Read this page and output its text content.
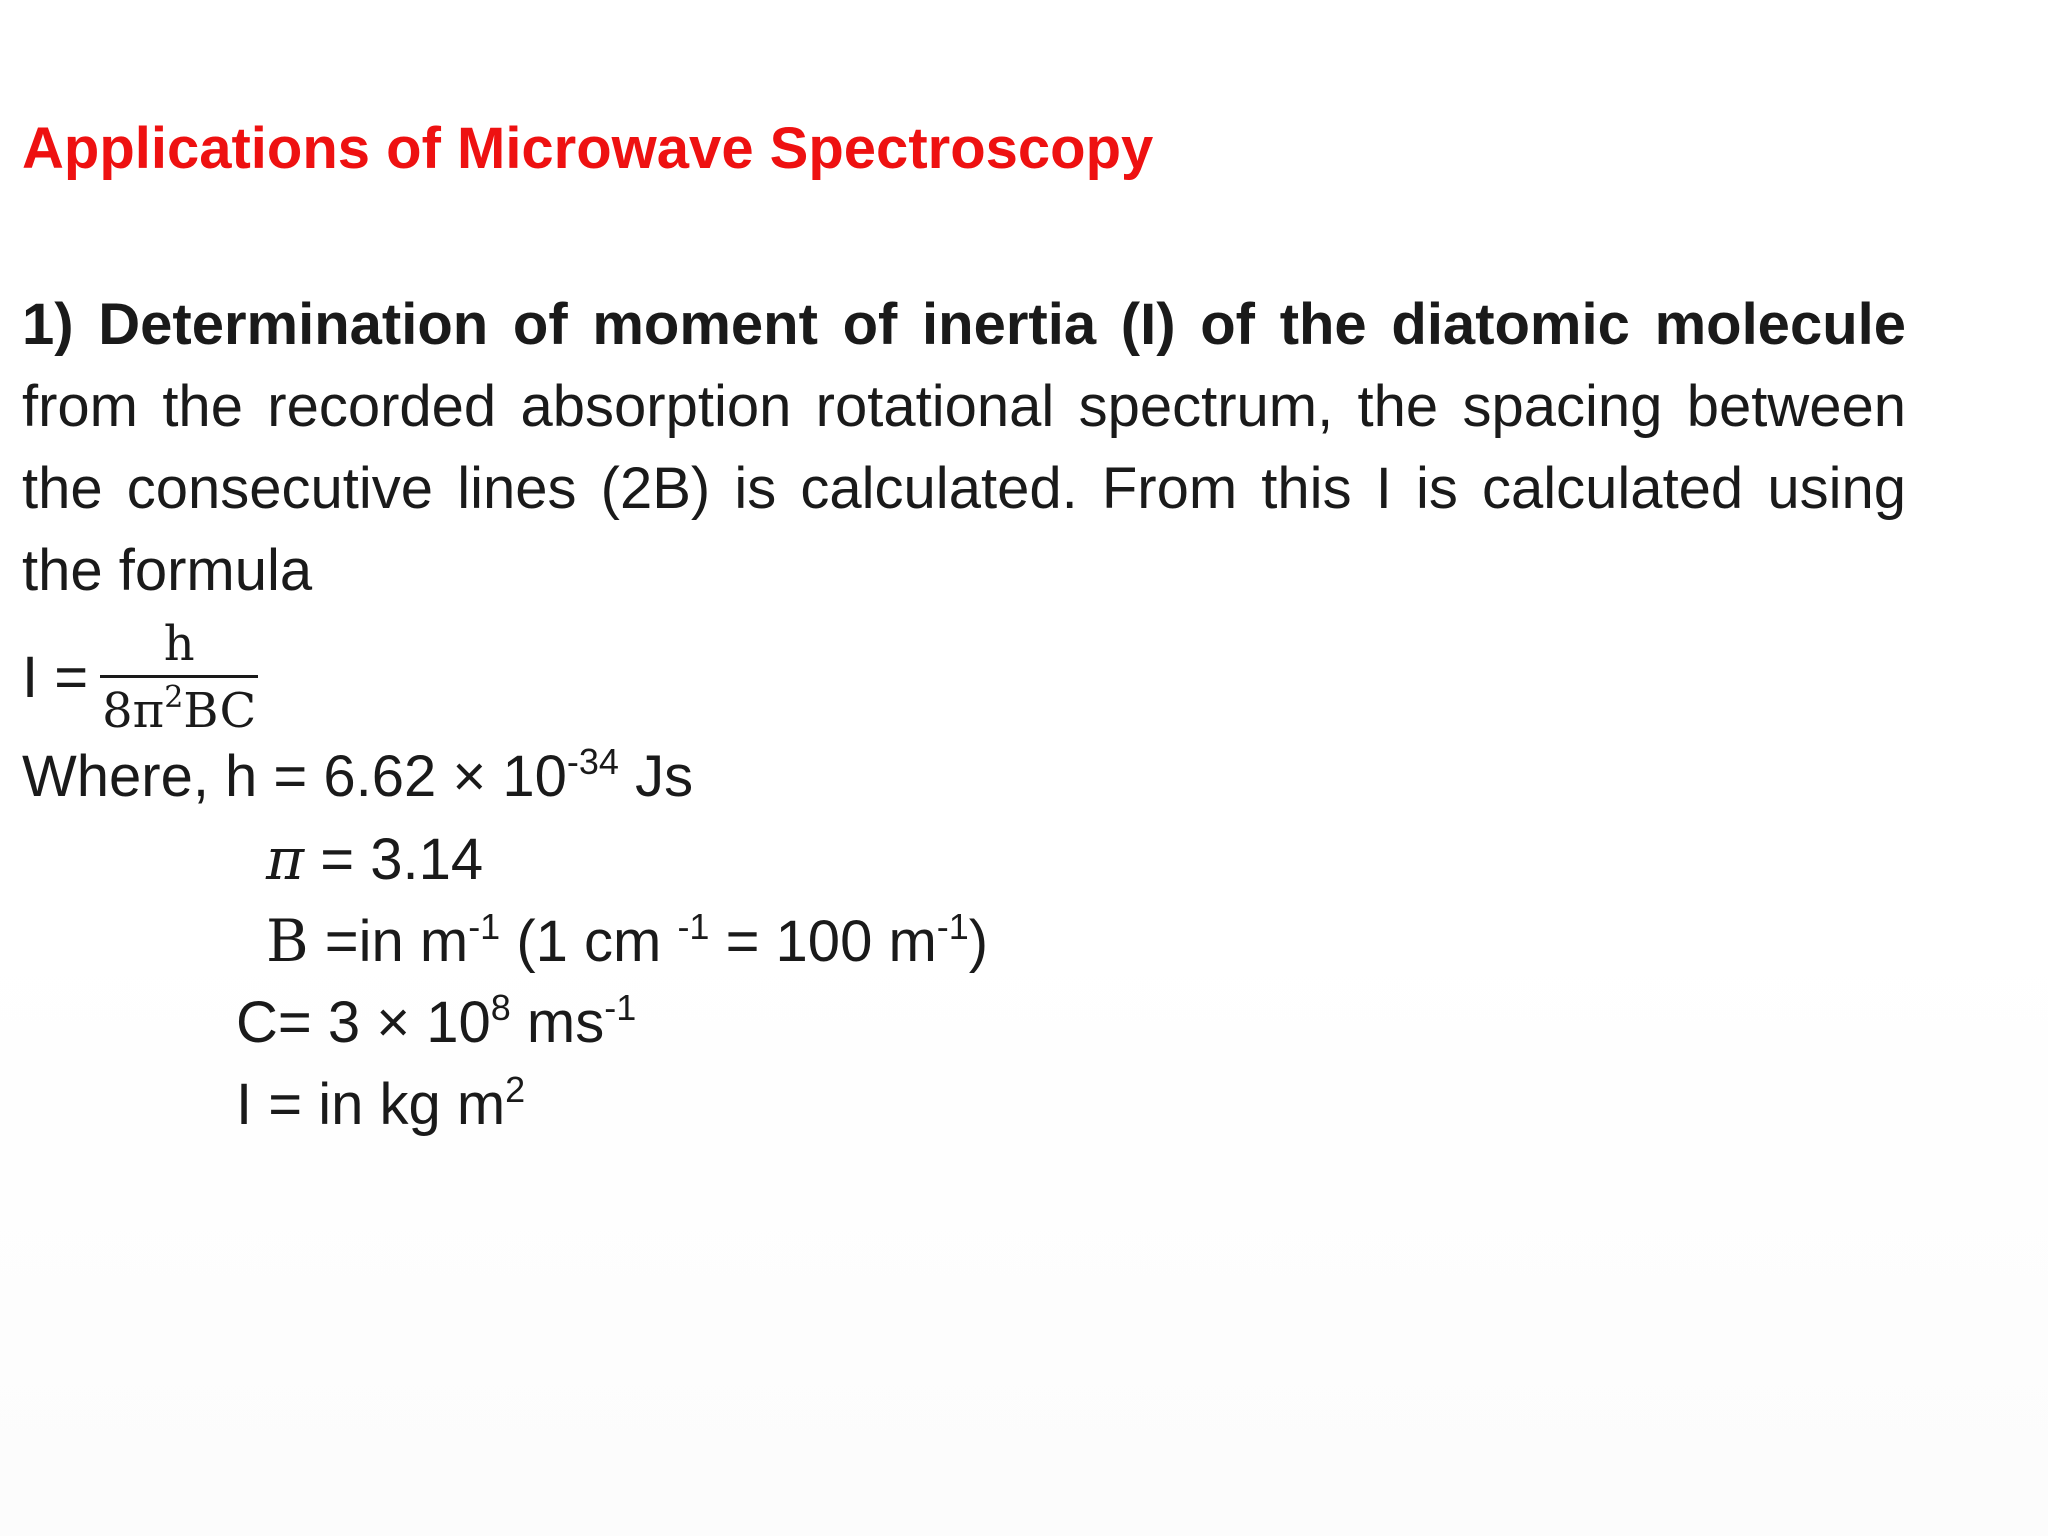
Applications of Microwave Spectroscopy
1) Determination of moment of inertia (I) of the diatomic molecule from the recorded absorption rotational spectrum, the spacing between the consecutive lines (2B) is calculated. From this I is calculated using the formula
$I = \frac{h}{8\pi^2BC}$
Where, $h = 6.62 \times 10^{-34}$ Js
π = 3.14
B =in $m^{-1}$ (1 cm $^{-1}$ = 100 $m^{-1}$)
$C= 3 \times 10^8$ $ms^{-1}$
I = in kg $m^2$
